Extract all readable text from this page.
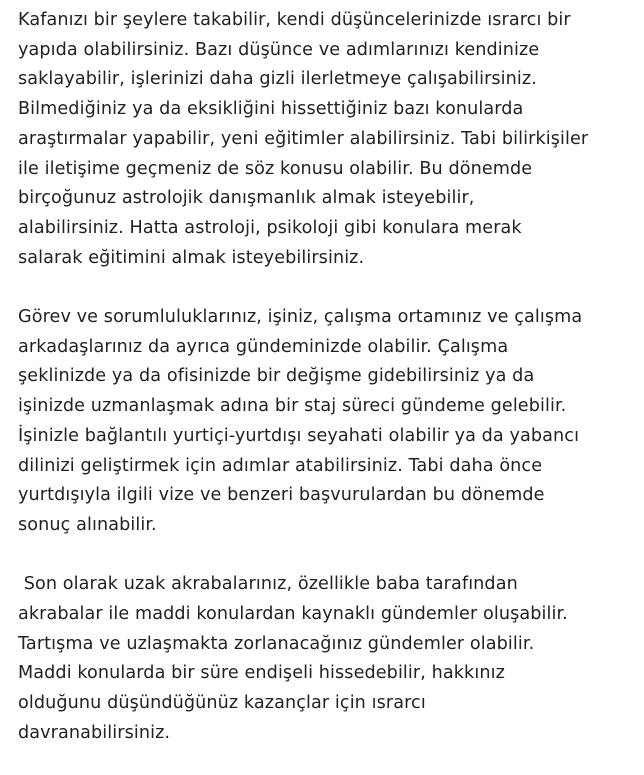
Kafanızı bir şeylere takabilir, kendi düşüncelerinizde ısrarcı bir
yapıda olabilirsiniz. Bazı düşünce ve adımlarınızı kendinize
saklayabilir, işlerinizi daha gizli ilerletmeye çalışabilirsiniz.
Bilmediğiniz ya da eksikliğini hissettiğiniz bazı konularda
araştırmalar yapabilir, yeni eğitimler alabilirsiniz. Tabi bilirkişiler
ile iletişime geçmeniz de söz konusu olabilir. Bu dönemde
birçoğunuz astrolojik danışmanlık almak isteyebilir,
alabilirsiniz. Hatta astroloji, psikoloji gibi konulara merak
salarak eğitimini almak isteyebilirsiniz.

Görev ve sorumluluklarınız, işiniz, çalışma ortamınız ve çalışma
arkadaşlarınız da ayrıca gündeminizde olabilir. Çalışma
şeklinizde ya da ofisinizde bir değişme gidebilirsiniz ya da
işinizde uzmanlaşmak adına bir staj süreci gündeme gelebilir.
İşinizle bağlantılı yurtiçi-yurtdışı seyahati olabilir ya da yabancı
dilinizi geliştirmek için adımlar atabilirsiniz. Tabi daha önce
yurtdışıyla ilgili vize ve benzeri başvurulardan bu dönemde
sonuç alınabilir.

Son olarak uzak akrabalarınız, özellikle baba tarafından
akrabalar ile maddi konulardan kaynaklı gündemler oluşabilir.
Tartışma ve uzlaşmakta zorlanacağınız gündemler olabilir.
Maddi konularda bir süre endişeli hissedebilir, hakkınız
olduğunu düşündüğünüz kazançlar için ısrarcı
davranabilirsiniz.
